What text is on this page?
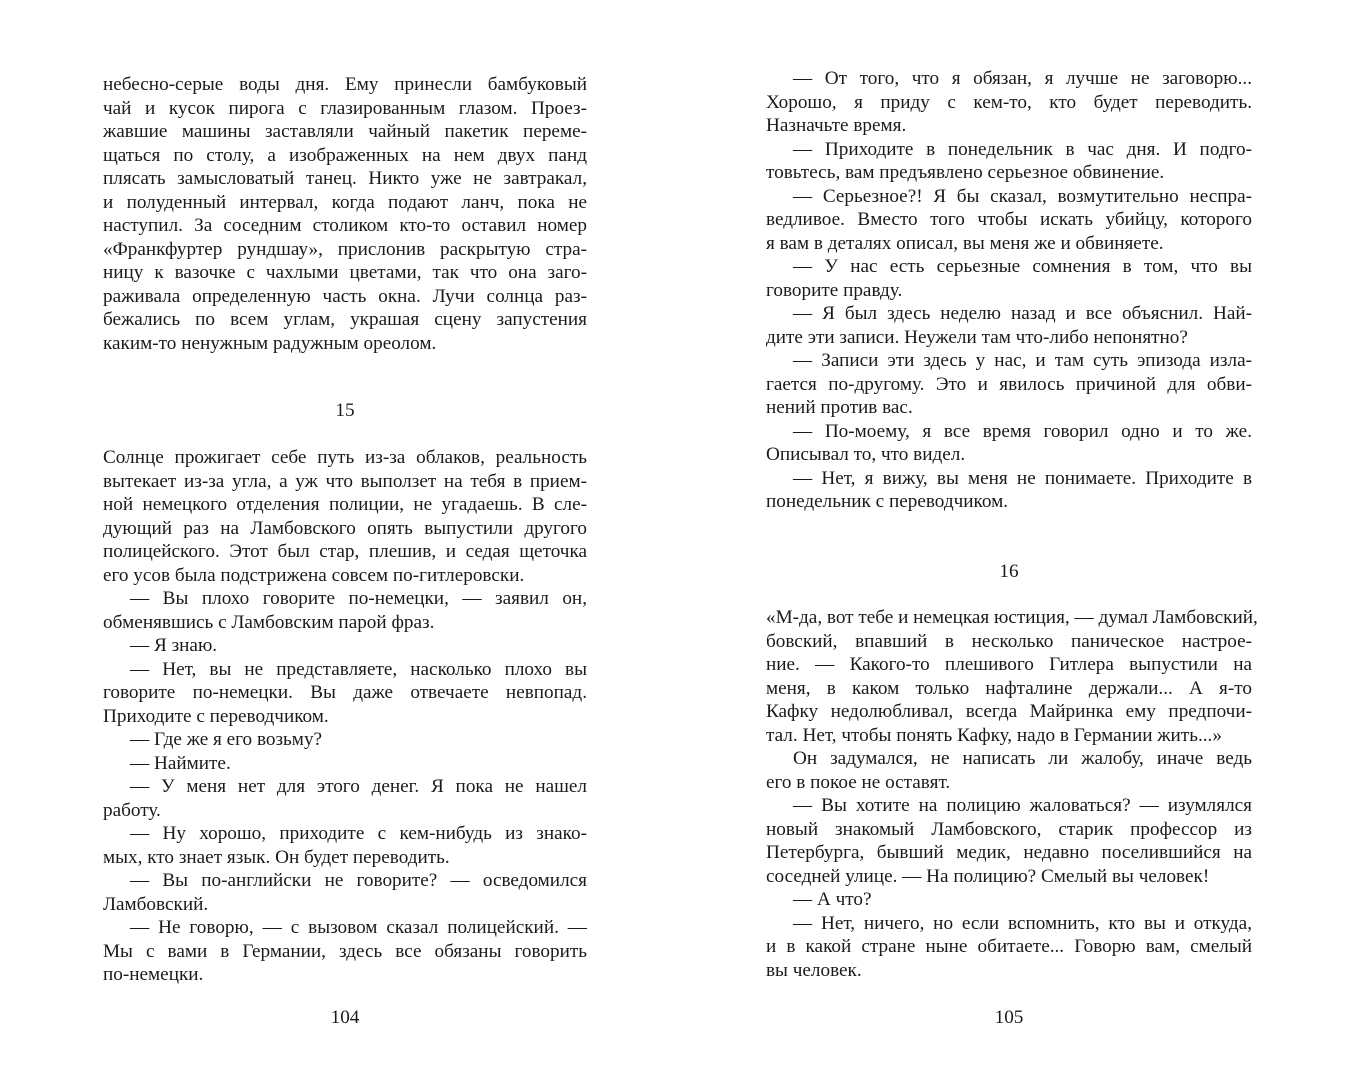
небесно-серые воды дня. Ему принесли бамбуковый
чай и кусок пирога с глазированным глазом. Проез-
жавшие машины заставляли чайный пакетик переме-
щаться по столу, а изображенных на нем двух панд
плясать замысловатый танец. Никто уже не завтракал,
и полуденный интервал, когда подают ланч, пока не
наступил. За соседним столиком кто-то оставил номер
«Франкфуртер рундшау», прислонив раскрытую стра-
ницу к вазочке с чахлыми цветами, так что она заго-
раживала определенную часть окна. Лучи солнца раз-
бежались по всем углам, украшая сцену запустения
каким-то ненужным радужным ореолом.
15
Солнце прожигает себе путь из-за облаков, реальность
вытекает из-за угла, а уж что выползет на тебя в прием-
ной немецкого отделения полиции, не угадаешь. В сле-
дующий раз на Ламбовского опять выпустили другого
полицейского. Этот был стар, плешив, и седая щеточка
его усов была подстрижена совсем по-гитлеровски.
— Вы плохо говорите по-немецки, — заявил он,
обменявшись с Ламбовским парой фраз.
— Я знаю.
— Нет, вы не представляете, насколько плохо вы
говорите по-немецки. Вы даже отвечаете невпопад.
Приходите с переводчиком.
— Где же я его возьму?
— Наймите.
— У меня нет для этого денег. Я пока не нашел
работу.
— Ну хорошо, приходите с кем-нибудь из знако-
мых, кто знает язык. Он будет переводить.
— Вы по-английски не говорите? — осведомился
Ламбовский.
— Не говорю, — с вызовом сказал полицейский. —
Мы с вами в Германии, здесь все обязаны говорить
по-немецки.
104
— От того, что я обязан, я лучше не заговорю...
Хорошо, я приду с кем-то, кто будет переводить.
Назначьте время.
— Приходите в понедельник в час дня. И подго-
товьтесь, вам предъявлено серьезное обвинение.
— Серьезное?! Я бы сказал, возмутительно неспра-
ведливое. Вместо того чтобы искать убийцу, которого
я вам в деталях описал, вы меня же и обвиняете.
— У нас есть серьезные сомнения в том, что вы
говорите правду.
— Я был здесь неделю назад и все объяснил. Най-
дите эти записи. Неужели там что-либо непонятно?
— Записи эти здесь у нас, и там суть эпизода изла-
гается по-другому. Это и явилось причиной для обви-
нений против вас.
— По-моему, я все время говорил одно и то же.
Описывал то, что видел.
— Нет, я вижу, вы меня не понимаете. Приходите в
понедельник с переводчиком.
16
«М-да, вот тебе и немецкая юстиция, — думал Ламбовский,
бовский, впавший в несколько паническое настрое-
ние. — Какого-то плешивого Гитлера выпустили на
меня, в каком только нафталине держали... А я-то
Кафку недолюбливал, всегда Майринка ему предпочи-
тал. Нет, чтобы понять Кафку, надо в Германии жить...»
Он задумался, не написать ли жалобу, иначе ведь
его в покое не оставят.
— Вы хотите на полицию жаловаться? — изумлялся
новый знакомый Ламбовского, старик профессор из
Петербурга, бывший медик, недавно поселившийся на
соседней улице. — На полицию? Смелый вы человек!
— А что?
— Нет, ничего, но если вспомнить, кто вы и откуда,
и в какой стране ныне обитаете... Говорю вам, смелый
вы человек.
105
